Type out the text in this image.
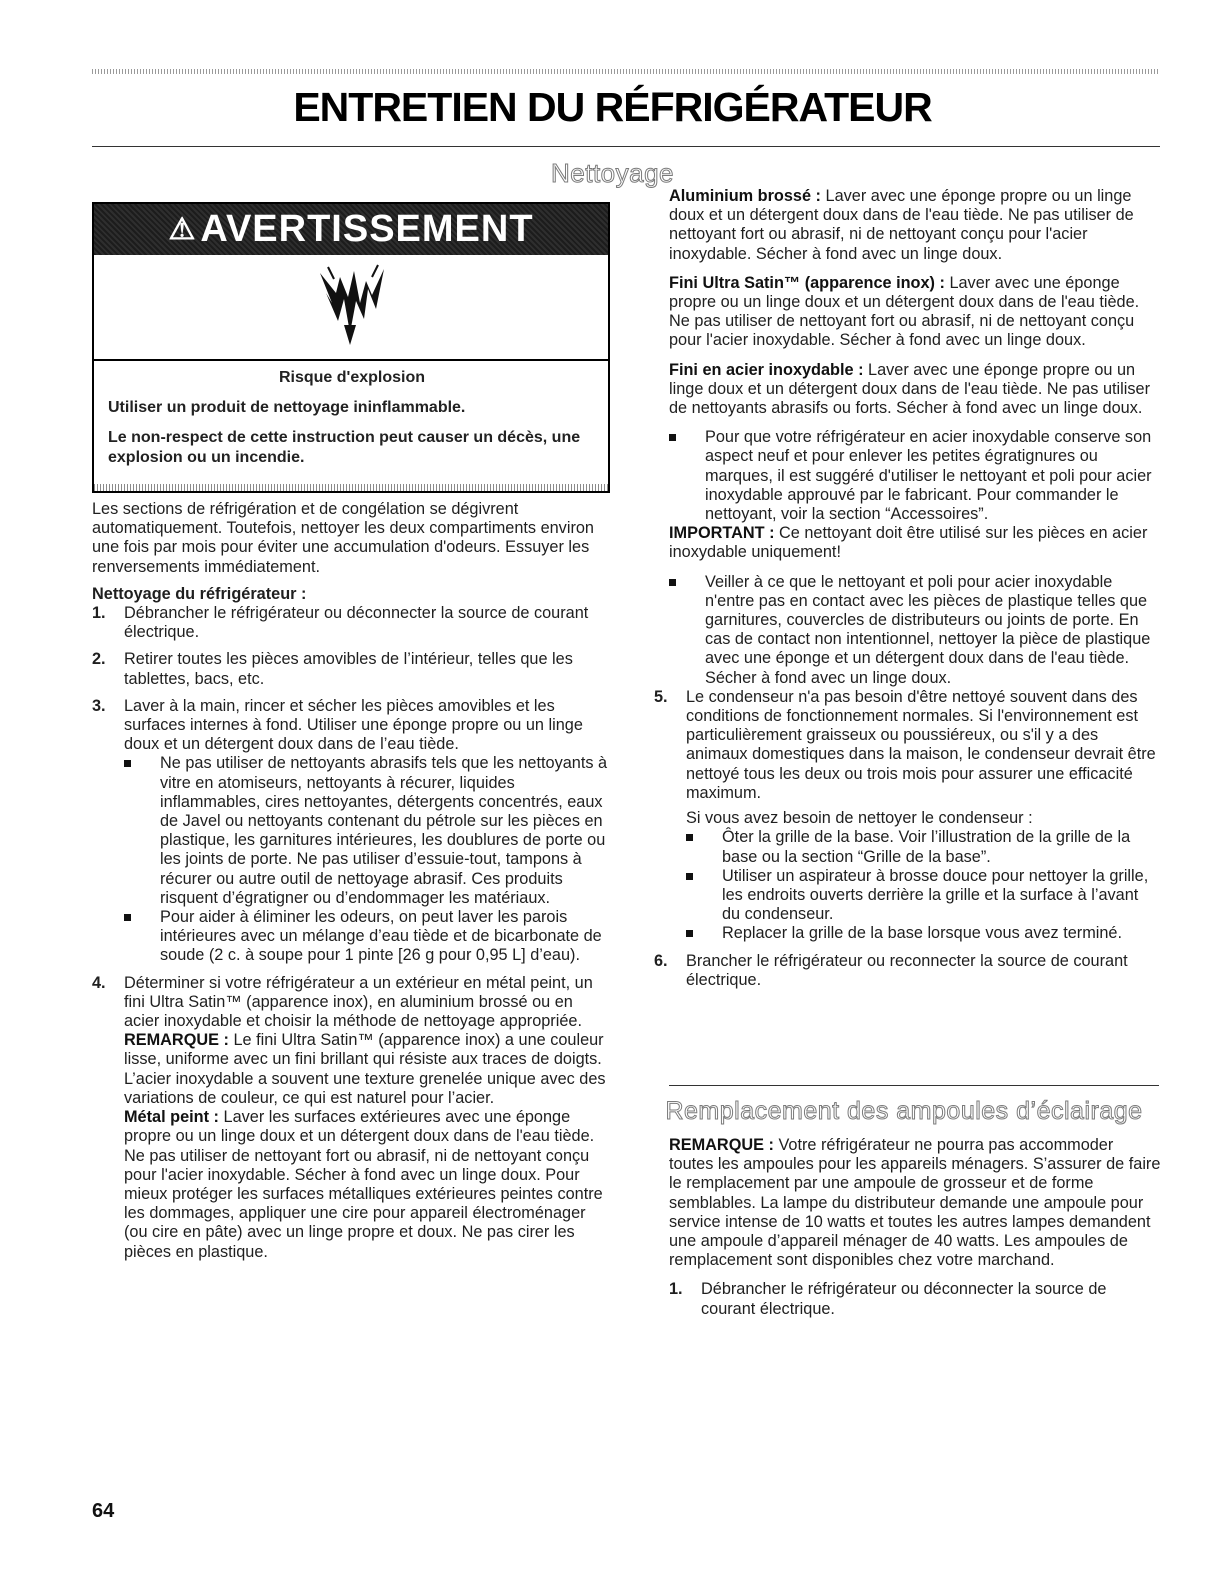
ENTRETIEN DU RÉFRIGÉRATEUR
Nettoyage
⚠ AVERTISSEMENT

Risque d'explosion

Utiliser un produit de nettoyage ininflammable.

Le non-respect de cette instruction peut causer un décès, une explosion ou un incendie.

Les sections de réfrigération et de congélation se dégivrent automatiquement. Toutefois, nettoyer les deux compartiments environ une fois par mois pour éviter une accumulation d'odeurs. Essuyer les renversements immédiatement.

Nettoyage du réfrigérateur :

1. Débrancher le réfrigérateur ou déconnecter la source de courant électrique.

2. Retirer toutes les pièces amovibles de l’intérieur, telles que les tablettes, bacs, etc.

3. Laver à la main, rincer et sécher les pièces amovibles et les surfaces internes à fond. Utiliser une éponge propre ou un linge doux et un détergent doux dans de l’eau tiède.

Ne pas utiliser de nettoyants abrasifs tels que les nettoyants à vitre en atomiseurs, nettoyants à récurer, liquides inflammables, cires nettoyantes, détergents concentrés, eaux de Javel ou nettoyants contenant du pétrole sur les pièces en plastique, les garnitures intérieures, les doublures de porte ou les joints de porte. Ne pas utiliser d’essuie-tout, tampons à récurer ou autre outil de nettoyage abrasif. Ces produits risquent d’égratigner ou d’endommager les matériaux.

Pour aider à éliminer les odeurs, on peut laver les parois intérieures avec un mélange d’eau tiède et de bicarbonate de soude (2 c. à soupe pour 1 pinte [26 g pour 0,95 L] d’eau).

4. Déterminer si votre réfrigérateur a un extérieur en métal peint, un fini Ultra Satin™ (apparence inox), en aluminium brossé ou en acier inoxydable et choisir la méthode de nettoyage appropriée.

REMARQUE : Le fini Ultra Satin™ (apparence inox) a une couleur lisse, uniforme avec un fini brillant qui résiste aux traces de doigts. L’acier inoxydable a souvent une texture grenelée unique avec des variations de couleur, ce qui est naturel pour l’acier.

Métal peint : Laver les surfaces extérieures avec une éponge propre ou un linge doux et un détergent doux dans de l'eau tiède. Ne pas utiliser de nettoyant fort ou abrasif, ni de nettoyant conçu pour l'acier inoxydable. Sécher à fond avec un linge doux. Pour mieux protéger les surfaces métalliques extérieures peintes contre les dommages, appliquer une cire pour appareil électroménager (ou cire en pâte) avec un linge propre et doux. Ne pas cirer les pièces en plastique.

Aluminium brossé : Laver avec une éponge propre ou un linge doux et un détergent doux dans de l'eau tiède. Ne pas utiliser de nettoyant fort ou abrasif, ni de nettoyant conçu pour l'acier inoxydable. Sécher à fond avec un linge doux.

Fini Ultra Satin™ (apparence inox) : Laver avec une éponge propre ou un linge doux et un détergent doux dans de l'eau tiède. Ne pas utiliser de nettoyant fort ou abrasif, ni de nettoyant conçu pour l'acier inoxydable. Sécher à fond avec un linge doux.

Fini en acier inoxydable : Laver avec une éponge propre ou un linge doux et un détergent doux dans de l'eau tiède. Ne pas utiliser de nettoyants abrasifs ou forts. Sécher à fond avec un linge doux.

Pour que votre réfrigérateur en acier inoxydable conserve son aspect neuf et pour enlever les petites égratignures ou marques, il est suggéré d'utiliser le nettoyant et poli pour acier inoxydable approuvé par le fabricant. Pour commander le nettoyant, voir la section “Accessoires”.

IMPORTANT : Ce nettoyant doit être utilisé sur les pièces en acier inoxydable uniquement!

Veiller à ce que le nettoyant et poli pour acier inoxydable n'entre pas en contact avec les pièces de plastique telles que garnitures, couvercles de distributeurs ou joints de porte. En cas de contact non intentionnel, nettoyer la pièce de plastique avec une éponge et un détergent doux dans de l'eau tiède. Sécher à fond avec un linge doux.

5. Le condenseur n'a pas besoin d'être nettoyé souvent dans des conditions de fonctionnement normales. Si l'environnement est particulièrement graisseux ou poussiéreux, ou s'il y a des animaux domestiques dans la maison, le condenseur devrait être nettoyé tous les deux ou trois mois pour assurer une efficacité maximum.

Si vous avez besoin de nettoyer le condenseur :

Ôter la grille de la base. Voir l’illustration de la grille de la base ou la section “Grille de la base”.

Utiliser un aspirateur à brosse douce pour nettoyer la grille, les endroits ouverts derrière la grille et la surface à l’avant du condenseur.

Replacer la grille de la base lorsque vous avez terminé.

6. Brancher le réfrigérateur ou reconnecter la source de courant électrique.

Remplacement des ampoules d’éclairage

REMARQUE : Votre réfrigérateur ne pourra pas accommoder toutes les ampoules pour les appareils ménagers. S’assurer de faire le remplacement par une ampoule de grosseur et de forme semblables. La lampe du distributeur demande une ampoule pour service intense de 10 watts et toutes les autres lampes demandent une ampoule d’appareil ménager de 40 watts. Les ampoules de remplacement sont disponibles chez votre marchand.

1. Débrancher le réfrigérateur ou déconnecter la source de courant électrique.

64
